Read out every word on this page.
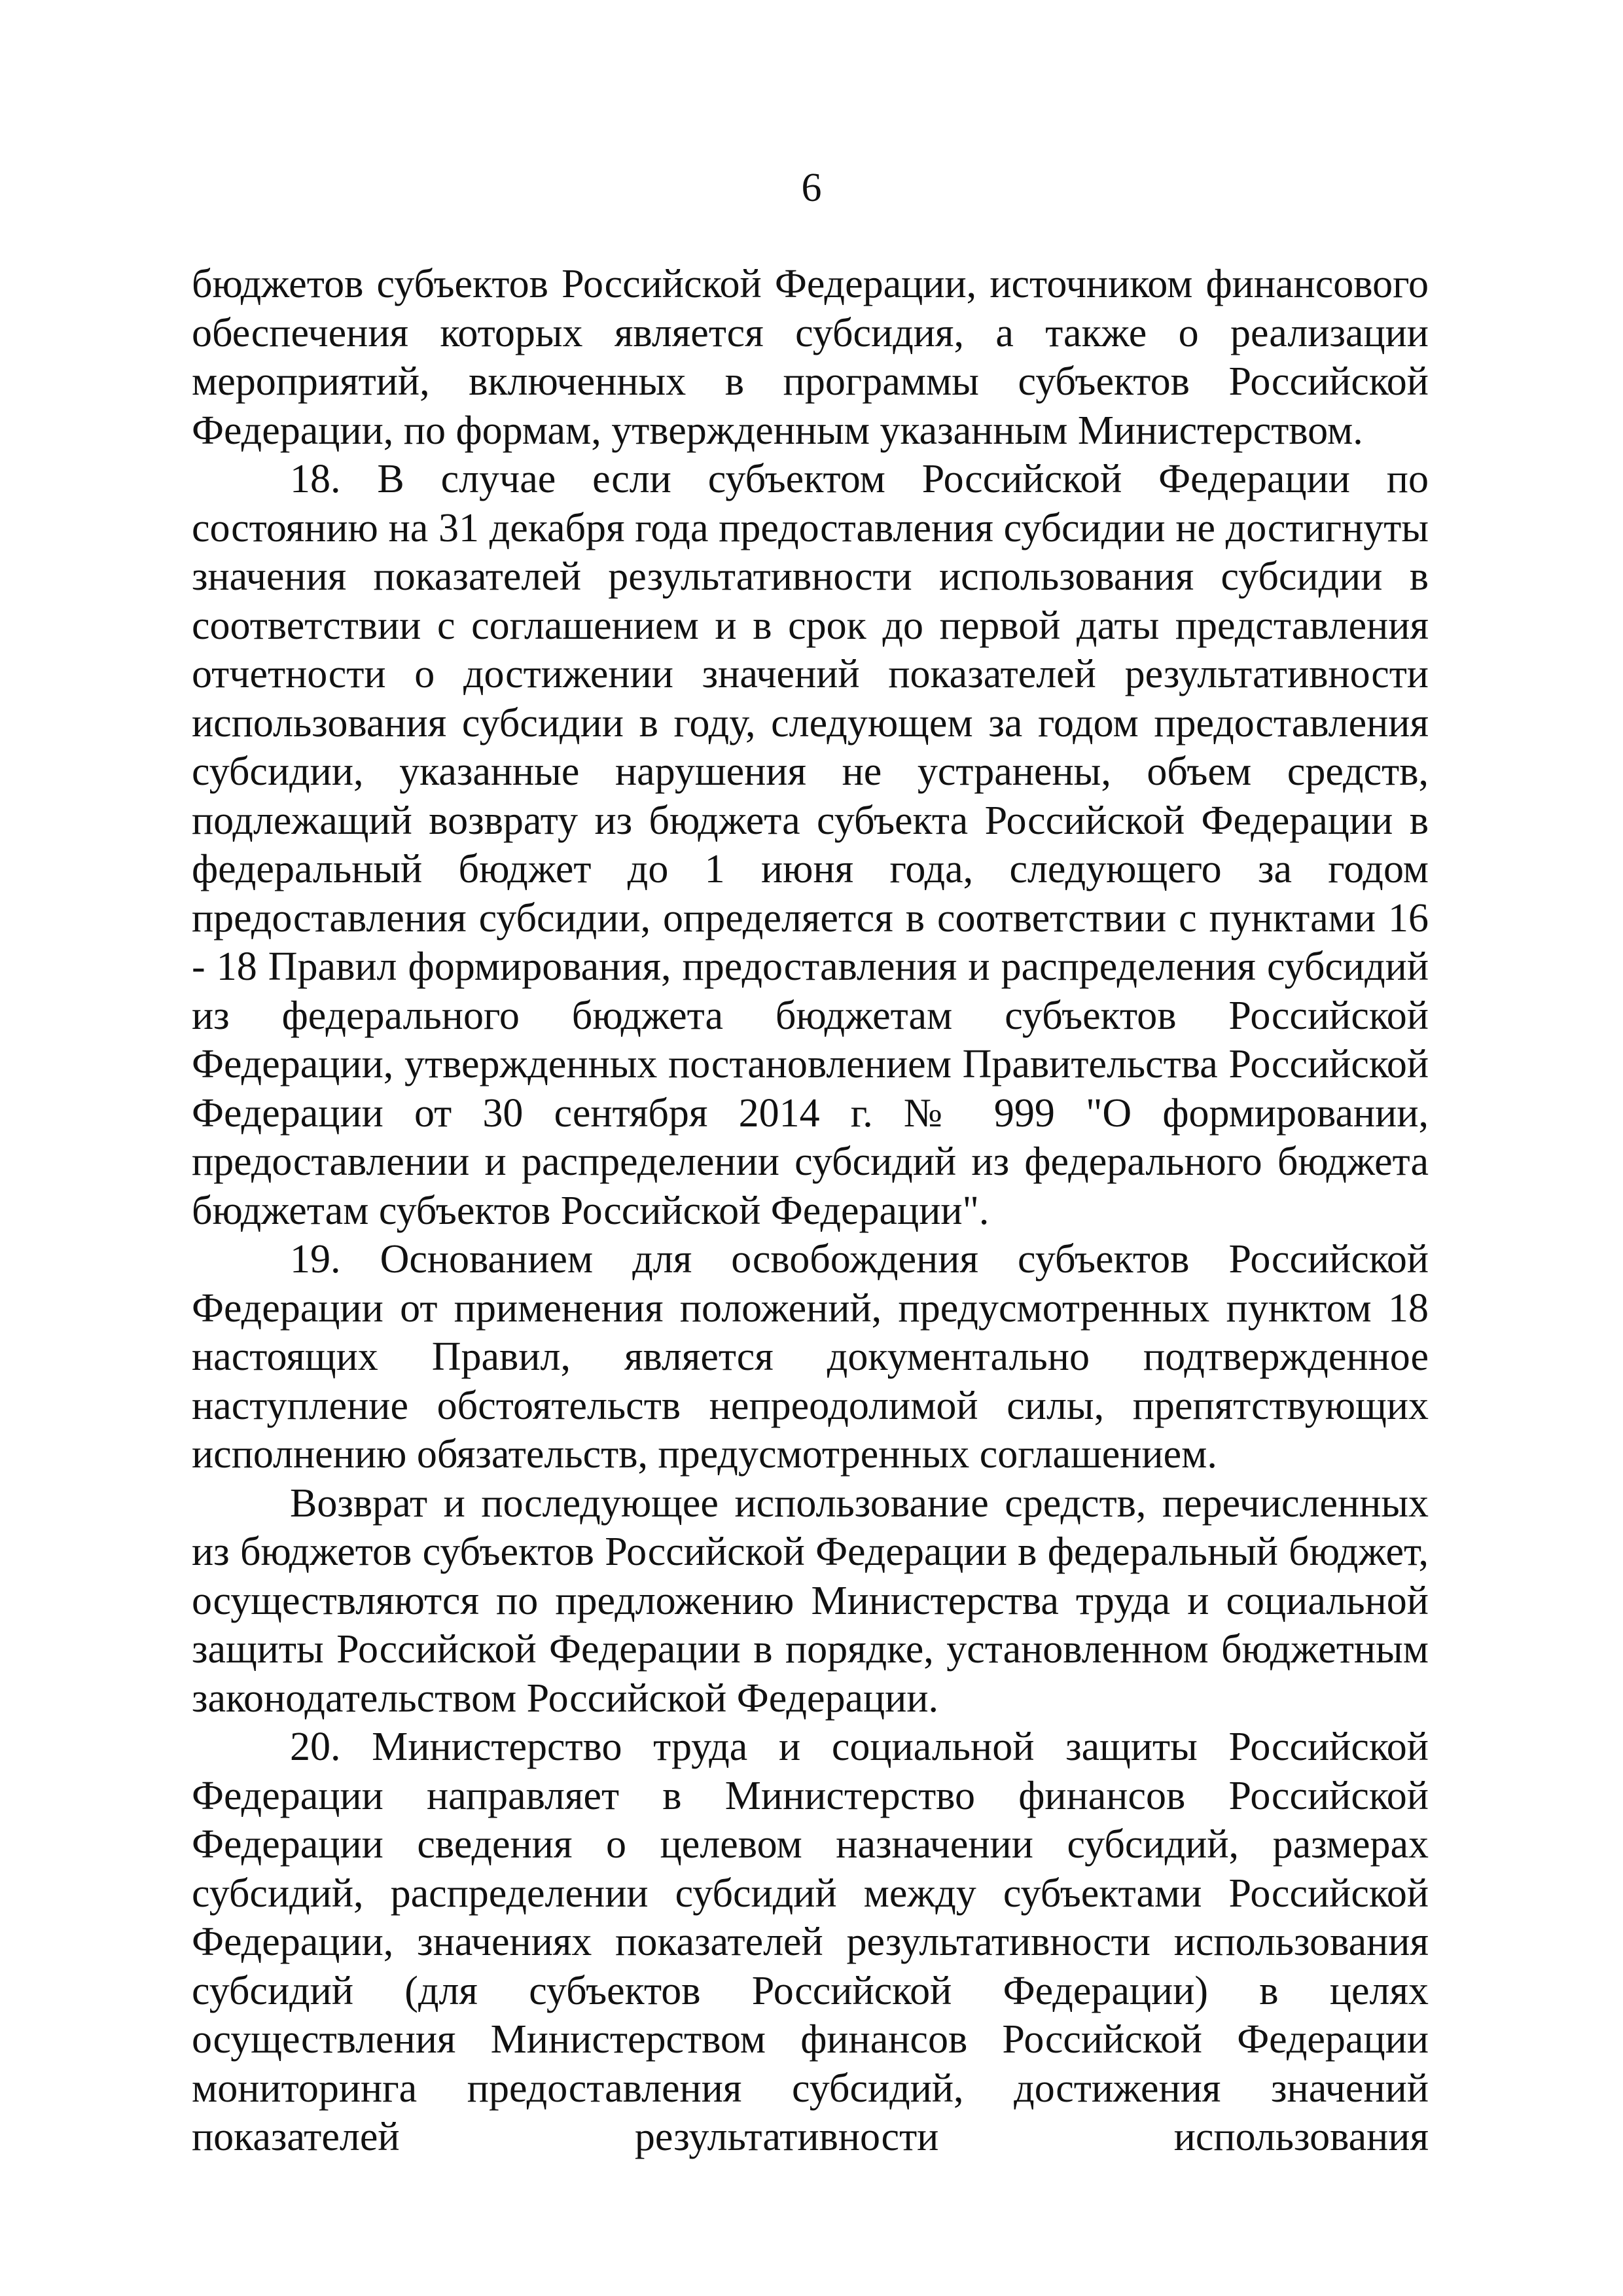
6

бюджетов субъектов Российской Федерации, источником финансового обеспечения которых является субсидия, а также о реализации мероприятий, включенных в программы субъектов Российской Федерации, по формам, утвержденным указанным Министерством.

18. В случае если субъектом Российской Федерации по состоянию на 31 декабря года предоставления субсидии не достигнуты значения показателей результативности использования субсидии в соответствии с соглашением и в срок до первой даты представления отчетности о достижении значений показателей результативности использования субсидии в году, следующем за годом предоставления субсидии, указанные нарушения не устранены, объем средств, подлежащий возврату из бюджета субъекта Российской Федерации в федеральный бюджет до 1 июня года, следующего за годом предоставления субсидии, определяется в соответствии с пунктами 16 - 18 Правил формирования, предоставления и распределения субсидий из федерального бюджета бюджетам субъектов Российской Федерации, утвержденных постановлением Правительства Российской Федерации от 30 сентября 2014 г. № 999 "О формировании, предоставлении и распределении субсидий из федерального бюджета бюджетам субъектов Российской Федерации".

19. Основанием для освобождения субъектов Российской Федерации от применения положений, предусмотренных пунктом 18 настоящих Правил, является документально подтвержденное наступление обстоятельств непреодолимой силы, препятствующих исполнению обязательств, предусмотренных соглашением.

Возврат и последующее использование средств, перечисленных из бюджетов субъектов Российской Федерации в федеральный бюджет, осуществляются по предложению Министерства труда и социальной защиты Российской Федерации в порядке, установленном бюджетным законодательством Российской Федерации.

20. Министерство труда и социальной защиты Российской Федерации направляет в Министерство финансов Российской Федерации сведения о целевом назначении субсидий, размерах субсидий, распределении субсидий между субъектами Российской Федерации, значениях показателей результативности использования субсидий (для субъектов Российской Федерации) в целях осуществления Министерством финансов Российской Федерации мониторинга предоставления субсидий, достижения значений показателей результативности использования
